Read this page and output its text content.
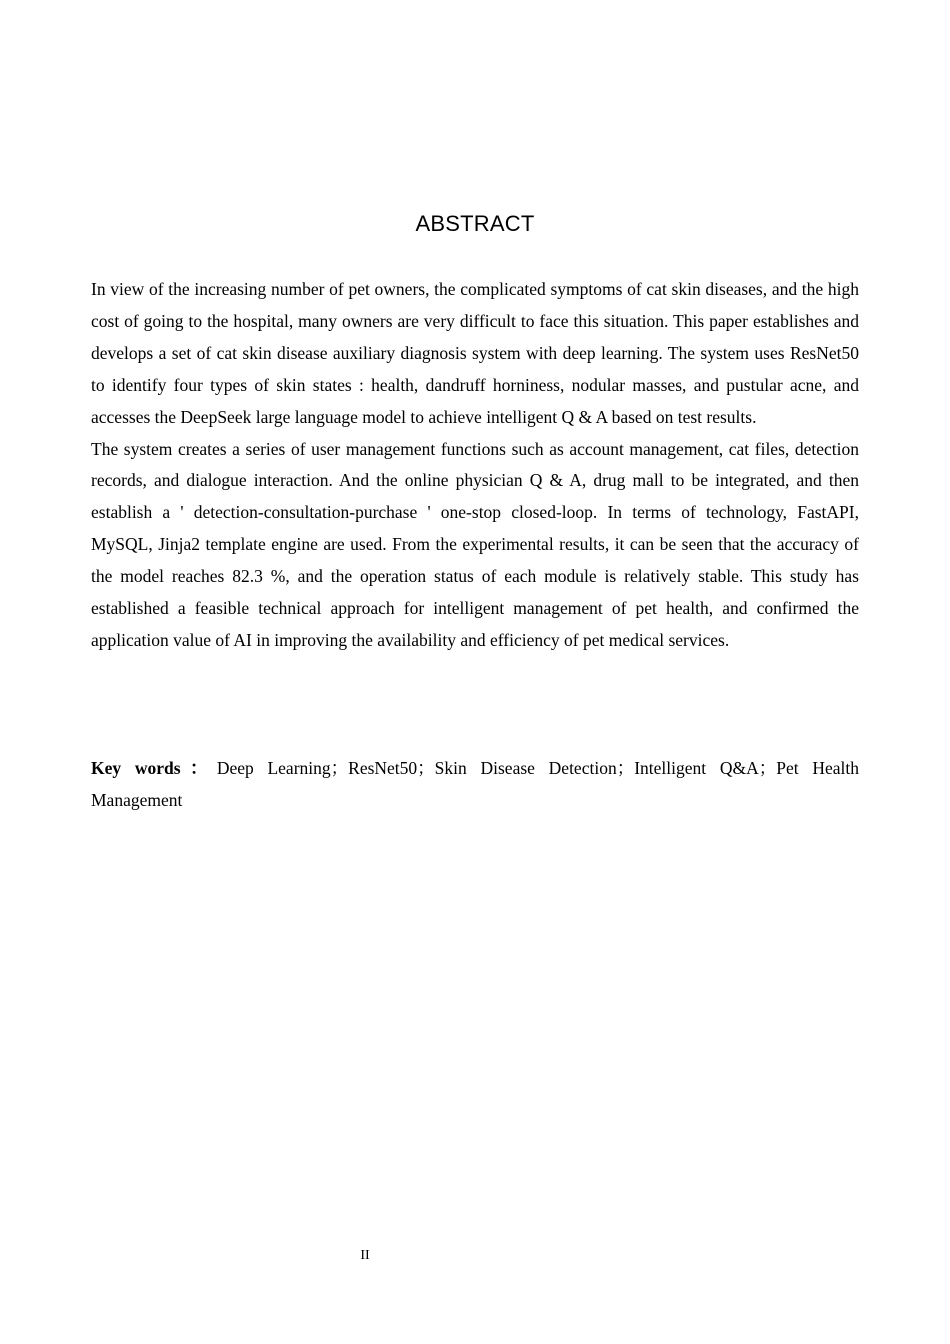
ABSTRACT

In view of the increasing number of pet owners, the complicated symptoms of cat skin diseases, and the high cost of going to the hospital, many owners are very difficult to face this situation. This paper establishes and develops a set of cat skin disease auxiliary diagnosis system with deep learning. The system uses ResNet50 to identify four types of skin states : health, dandruff horniness, nodular masses, and pustular acne, and accesses the DeepSeek large language model to achieve intelligent Q & A based on test results.

The system creates a series of user management functions such as account management, cat files, detection records, and dialogue interaction. And the online physician Q & A, drug mall to be integrated, and then establish a ' detection-consultation-purchase ' one-stop closed-loop. In terms of technology, FastAPI, MySQL, Jinja2 template engine are used. From the experimental results, it can be seen that the accuracy of the model reaches 82.3 %, and the operation status of each module is relatively stable. This study has established a feasible technical approach for intelligent management of pet health, and confirmed the application value of AI in improving the availability and efficiency of pet medical services.

Key words：Deep Learning；ResNet50；Skin Disease Detection；Intelligent Q&A；Pet Health Management
II
